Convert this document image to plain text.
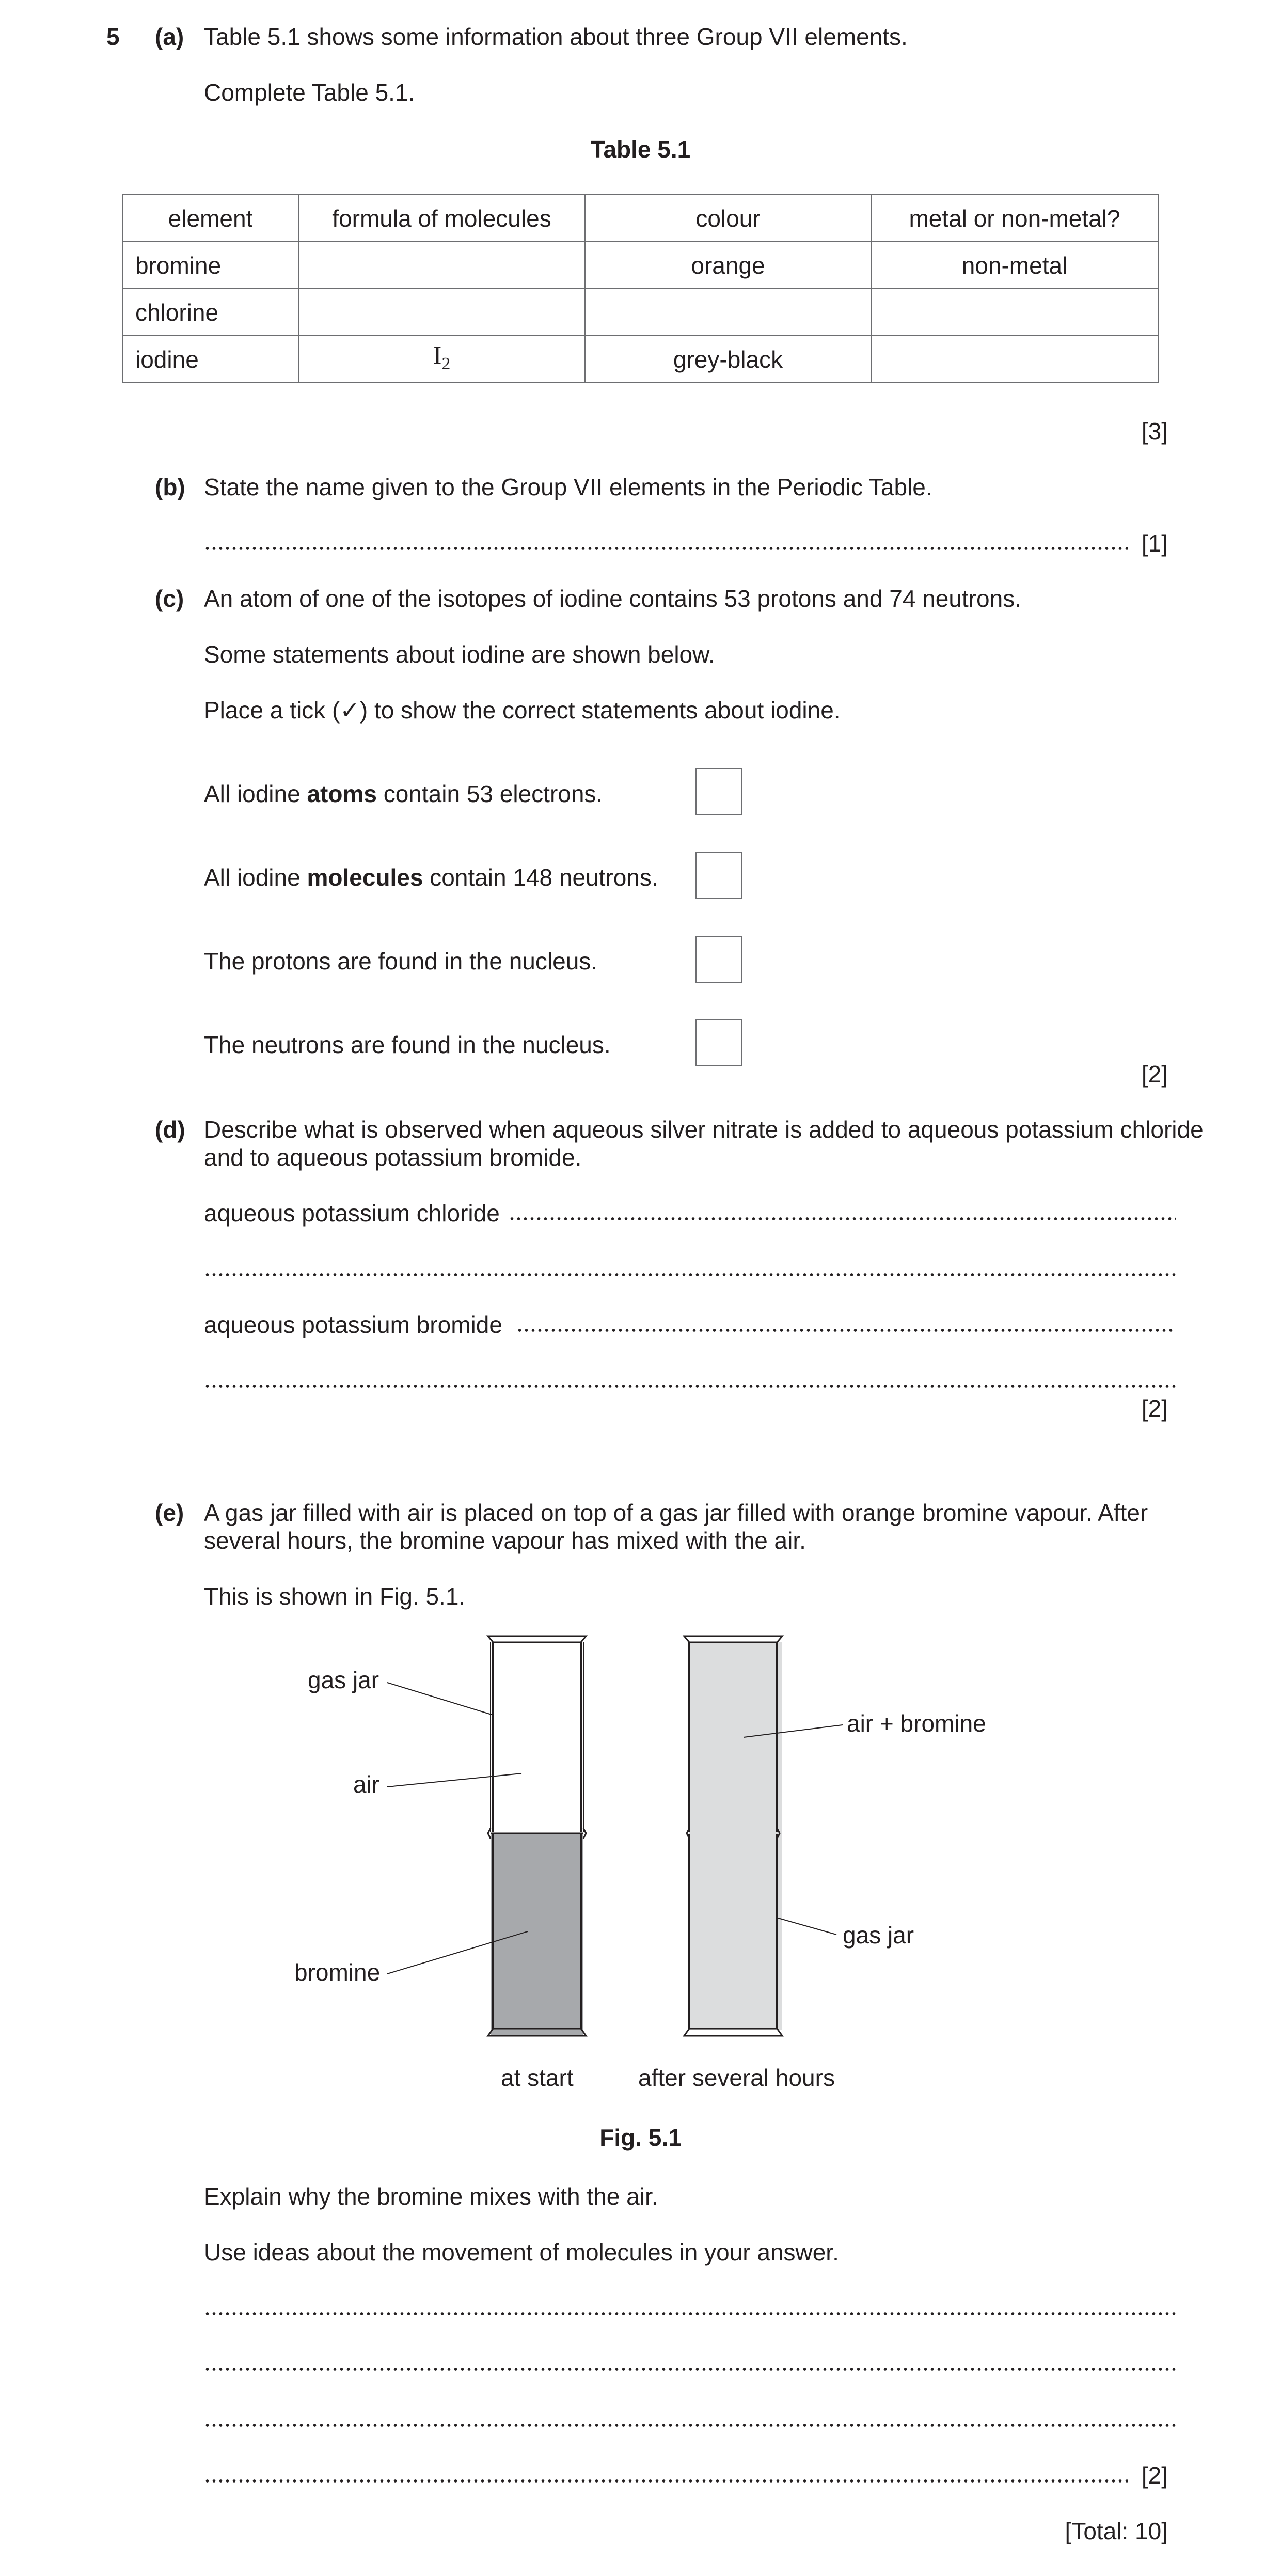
5 (a) Table 5.1 shows some information about three Group VII elements.
Complete Table 5.1.
Table 5.1
element	formula of molecules	colour	metal or non-metal?
bromine		orange	non-metal
chlorine			
iodine	$I_2$	grey-black	
[3]
(b) State the name given to the Group VII elements in the Periodic Table.
[1]
(c) An atom of one of the isotopes of iodine contains 53 protons and 74 neutrons.
Some statements about iodine are shown below.
Place a tick (✓) to show the correct statements about iodine.
All iodine atoms contain 53 electrons.
All iodine molecules contain 148 neutrons.
The protons are found in the nucleus.
The neutrons are found in the nucleus.
[2]
(d) Describe what is observed when aqueous silver nitrate is added to aqueous potassium chloride
and to aqueous potassium bromide.
aqueous potassium chloride
aqueous potassium bromide
[2]
(e) A gas jar filled with air is placed on top of a gas jar filled with orange bromine vapour. After
several hours, the bromine vapour has mixed with the air.
This is shown in Fig. 5.1.
gas jar
air
bromine
air + bromine
gas jar
at start	after several hours
Fig. 5.1
Explain why the bromine mixes with the air.
Use ideas about the movement of molecules in your answer.
[2]
[Total: 10]
